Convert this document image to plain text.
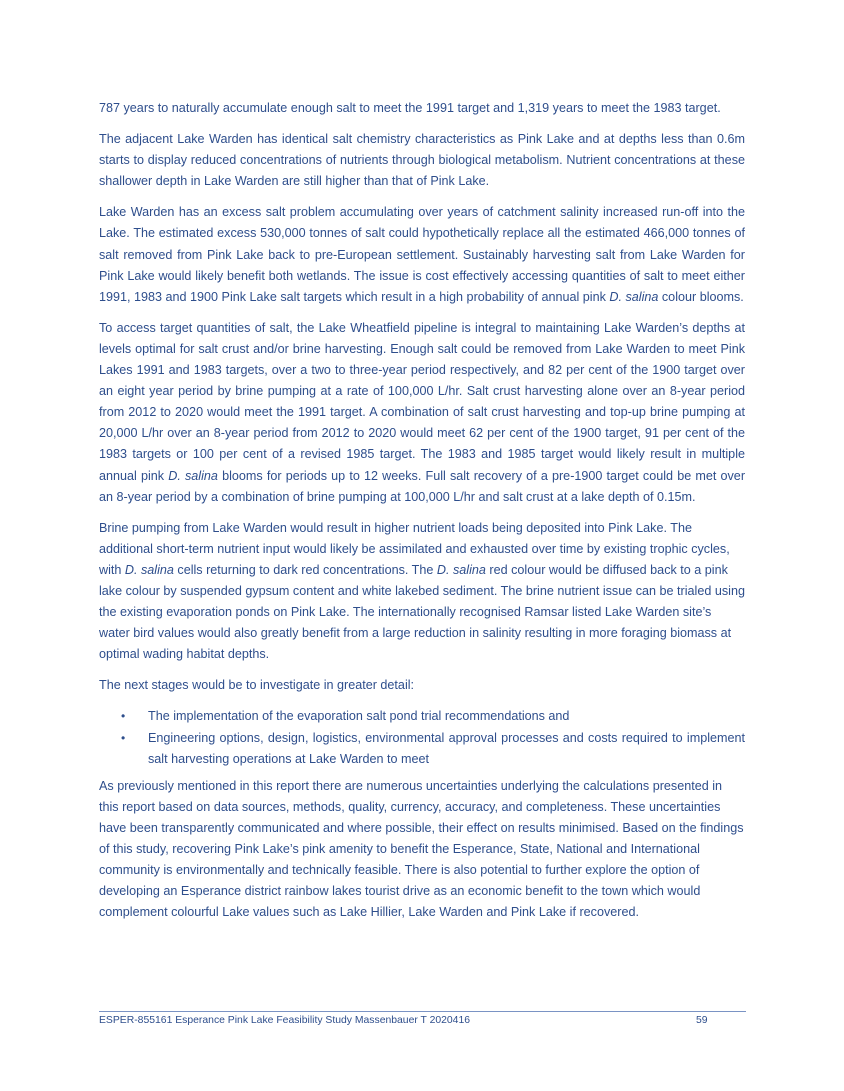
787 years to naturally accumulate enough salt to meet the 1991 target and 1,319 years to meet the 1983 target.

The adjacent Lake Warden has identical salt chemistry characteristics as Pink Lake and at depths less than 0.6m starts to display reduced concentrations of nutrients through biological metabolism. Nutrient concentrations at these shallower depth in Lake Warden are still higher than that of Pink Lake.

Lake Warden has an excess salt problem accumulating over years of catchment salinity increased run-off into the Lake. The estimated excess 530,000 tonnes of salt could hypothetically replace all the estimated 466,000 tonnes of salt removed from Pink Lake back to pre-European settlement. Sustainably harvesting salt from Lake Warden for Pink Lake would likely benefit both wetlands. The issue is cost effectively accessing quantities of salt to meet either 1991, 1983 and 1900 Pink Lake salt targets which result in a high probability of annual pink D. salina colour blooms.

To access target quantities of salt, the Lake Wheatfield pipeline is integral to maintaining Lake Warden’s depths at levels optimal for salt crust and/or brine harvesting. Enough salt could be removed from Lake Warden to meet Pink Lakes 1991 and 1983 targets, over a two to three-year period respectively, and 82 per cent of the 1900 target over an eight year period by brine pumping at a rate of 100,000 L/hr. Salt crust harvesting alone over an 8-year period from 2012 to 2020 would meet the 1991 target. A combination of salt crust harvesting and top-up brine pumping at 20,000 L/hr over an 8-year period from 2012 to 2020 would meet 62 per cent of the 1900 target, 91 per cent of the 1983 targets or 100 per cent of a revised 1985 target. The 1983 and 1985 target would likely result in multiple annual pink D. salina blooms for periods up to 12 weeks. Full salt recovery of a pre-1900 target could be met over an 8-year period by a combination of brine pumping at 100,000 L/hr and salt crust at a lake depth of 0.15m.

Brine pumping from Lake Warden would result in higher nutrient loads being deposited into Pink Lake. The additional short-term nutrient input would likely be assimilated and exhausted over time by existing trophic cycles, with D. salina cells returning to dark red concentrations. The D. salina red colour would be diffused back to a pink lake colour by suspended gypsum content and white lakebed sediment. The brine nutrient issue can be trialed using the existing evaporation ponds on Pink Lake. The internationally recognised Ramsar listed Lake Warden site’s water bird values would also greatly benefit from a large reduction in salinity resulting in more foraging biomass at optimal wading habitat depths.

The next stages would be to investigate in greater detail:

• The implementation of the evaporation salt pond trial recommendations and
• Engineering options, design, logistics, environmental approval processes and costs required to implement salt harvesting operations at Lake Warden to meet

As previously mentioned in this report there are numerous uncertainties underlying the calculations presented in this report based on data sources, methods, quality, currency, accuracy, and completeness. These uncertainties have been transparently communicated and where possible, their effect on results minimised. Based on the findings of this study, recovering Pink Lake’s pink amenity to benefit the Esperance, State, National and International community is environmentally and technically feasible. There is also potential to further explore the option of developing an Esperance district rainbow lakes tourist drive as an economic benefit to the town which would complement colourful Lake values such as Lake Hillier, Lake Warden and Pink Lake if recovered.

ESPER-855161 Esperance Pink Lake Feasibility Study Massenbauer T 2020416	59
